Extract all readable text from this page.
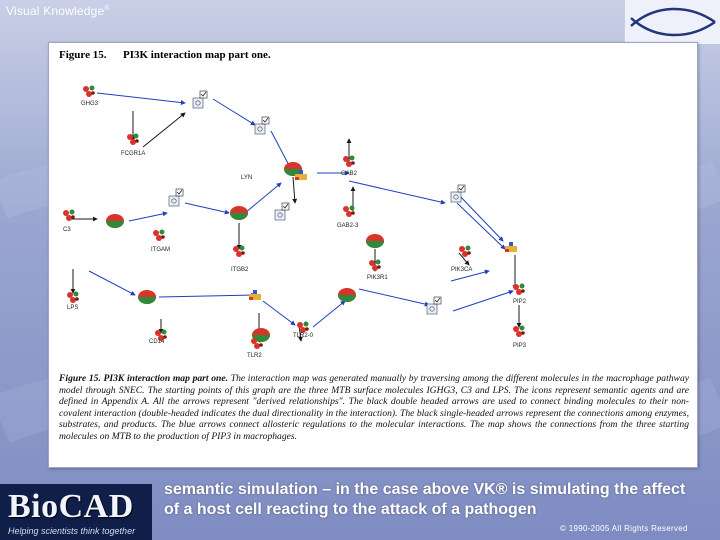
Visual Knowledge®
Figure 15. PI3K interaction map part one.
GHG3
FCGR1A
LYN
GAB2
GAB2-3
C3
ITGAM
ITGB2
PIK3R1
PIK3CA
PIP2
PIP3
LPS
CD14
TLR2-0
TLR2
Figure 15. PI3K interaction map part one. The interaction map was generated manually by traversing among the different molecules in the macrophage pathway model through SNEC. The starting points of this graph are the three MTB surface molecules IGHG3, C3 and LPS. The icons represent semantic agents and are defined in Appendix A. All the arrows represent "derived relationships". The black double headed arrows are used to connect binding molecules to their non-covalent interaction (double-headed indicates the dual directionality in the interaction). The black single-headed arrows represent the connections among enzymes, substrates, and products. The blue arrows connect allosteric regulations to the molecular interactions. The map shows the connections from the three starting molecules on MTB to the production of PIP3 in macrophages.
BioCAD
Helping scientists think together
semantic simulation – in the case above VK® is simulating the affect of a host cell reacting to the attack of a pathogen
© 1990-2005 All Rights Reserved
